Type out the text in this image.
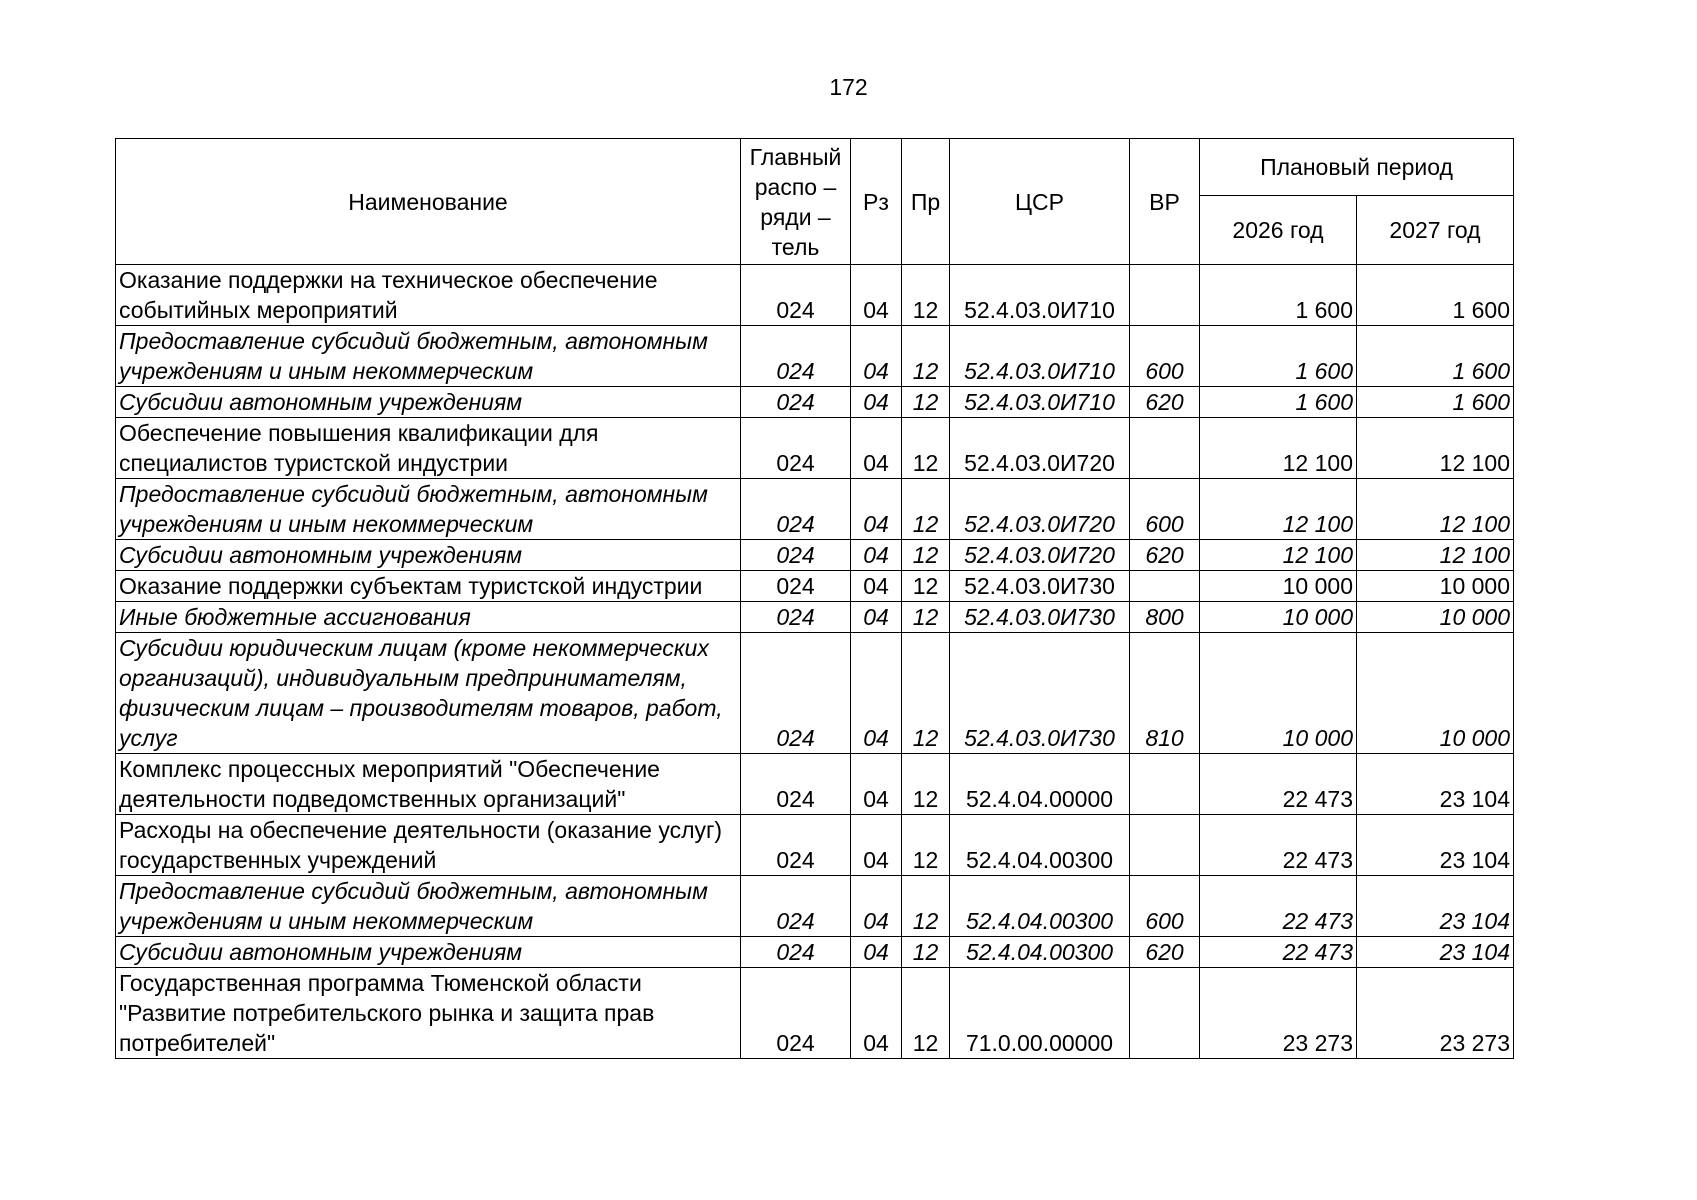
172
Наименование	Главный распо – ряди – тель	Рз	Пр	ЦСР	ВР	Плановый период	
						2026 год	2027 год
Оказание поддержки на техническое обеспечение событийных мероприятий	024	04	12	52.4.03.0И710		1 600	1 600
Предоставление субсидий бюджетным, автономным учреждениям и иным некоммерческим	024	04	12	52.4.03.0И710	600	1 600	1 600
Субсидии автономным учреждениям	024	04	12	52.4.03.0И710	620	1 600	1 600
Обеспечение повышения квалификации для специалистов туристской индустрии	024	04	12	52.4.03.0И720		12 100	12 100
Предоставление субсидий бюджетным, автономным учреждениям и иным некоммерческим	024	04	12	52.4.03.0И720	600	12 100	12 100
Субсидии автономным учреждениям	024	04	12	52.4.03.0И720	620	12 100	12 100
Оказание поддержки субъектам туристской индустрии	024	04	12	52.4.03.0И730		10 000	10 000
Иные бюджетные ассигнования	024	04	12	52.4.03.0И730	800	10 000	10 000
Субсидии юридическим лицам (кроме некоммерческих организаций), индивидуальным предпринимателям, физическим лицам – производителям товаров, работ, услуг	024	04	12	52.4.03.0И730	810	10 000	10 000
Комплекс процессных мероприятий "Обеспечение деятельности подведомственных организаций"	024	04	12	52.4.04.00000		22 473	23 104
Расходы на обеспечение деятельности (оказание услуг) государственных учреждений	024	04	12	52.4.04.00300		22 473	23 104
Предоставление субсидий бюджетным, автономным учреждениям и иным некоммерческим	024	04	12	52.4.04.00300	600	22 473	23 104
Субсидии автономным учреждениям	024	04	12	52.4.04.00300	620	22 473	23 104
Государственная программа Тюменской области "Развитие потребительского рынка и защита прав потребителей"	024	04	12	71.0.00.00000		23 273	23 273
